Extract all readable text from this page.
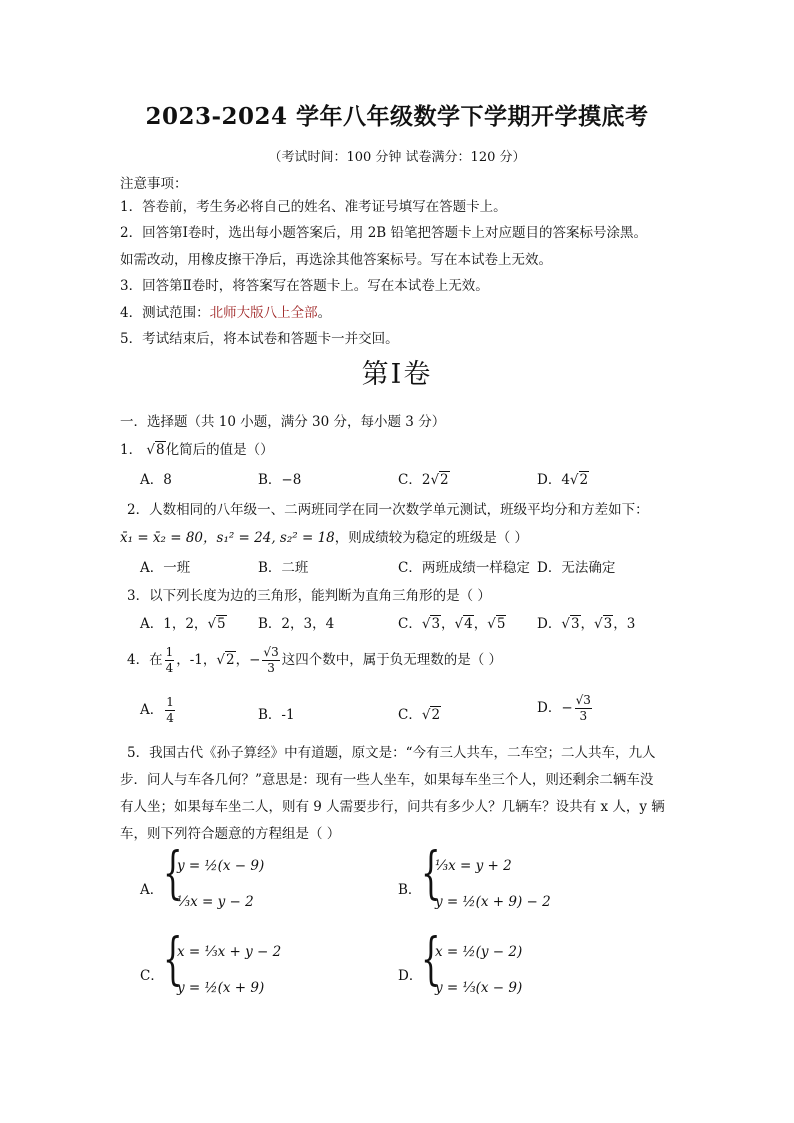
2023-2024 学年八年级数学下学期开学摸底考
（考试时间：100 分钟 试卷满分：120 分）
注意事项：
1．答卷前，考生务必将自己的姓名、准考证号填写在答题卡上。
2．回答第Ⅰ卷时，选出每小题答案后，用 2B 铅笔把答题卡上对应题目的答案标号涂黑。
如需改动，用橡皮擦干净后，再选涂其他答案标号。写在本试卷上无效。
3．回答第Ⅱ卷时，将答案写在答题卡上。写在本试卷上无效。
4．测试范围：北师大版八上全部。
5．考试结束后，将本试卷和答题卡一并交回。
第Ⅰ卷
一．选择题（共 10 小题，满分 30 分，每小题 3 分）
1． √8化简后的值是（）
A．8	B．−8	C．2√2	D．4√2
2．人数相同的八年级一、二两班同学在同一次数学单元测试，班级平均分和方差如下：
x̄₁ = x̄₂ = 80，s₁² = 24, s₂² = 18，则成绩较为稳定的班级是（ ）
A．一班	B．二班	C．两班成绩一样稳定 D．无法确定
3．以下列长度为边的三角形，能判断为直角三角形的是（ ）
A．1，2，√5 B．2，3，4	C．√3，√4，√5 D．√3，√3，3
4．在 $\frac{1}{4}$ ，-1，√2，− $\frac{√3}{3}$ 这四个数中，属于负无理数的是（ ）
A． $\frac{1}{4}$	B．-1	C．√2	D．− $\frac{√3}{3}$
5．我国古代《孙子算经》中有道题，原文是：“今有三人共车，二车空；二人共车，九人
步．问人与车各几何？”意思是：现有一些人坐车，如果每车坐三个人，则还剩余二辆车没
有人坐；如果每车坐二人，则有 9 人需要步行，问共有多少人？几辆车？设共有 x 人，y 辆
车，则下列符合题意的方程组是（ ）
A． {
y = ½(x − 9)
⅓x = y − 2
B． {
⅓x = y + 2
y = ½(x + 9) − 2
C． {
x = ⅓x + y − 2
y = ½(x + 9)
D．
{
x = ½(y − 2)
y = ⅓(x − 9)
